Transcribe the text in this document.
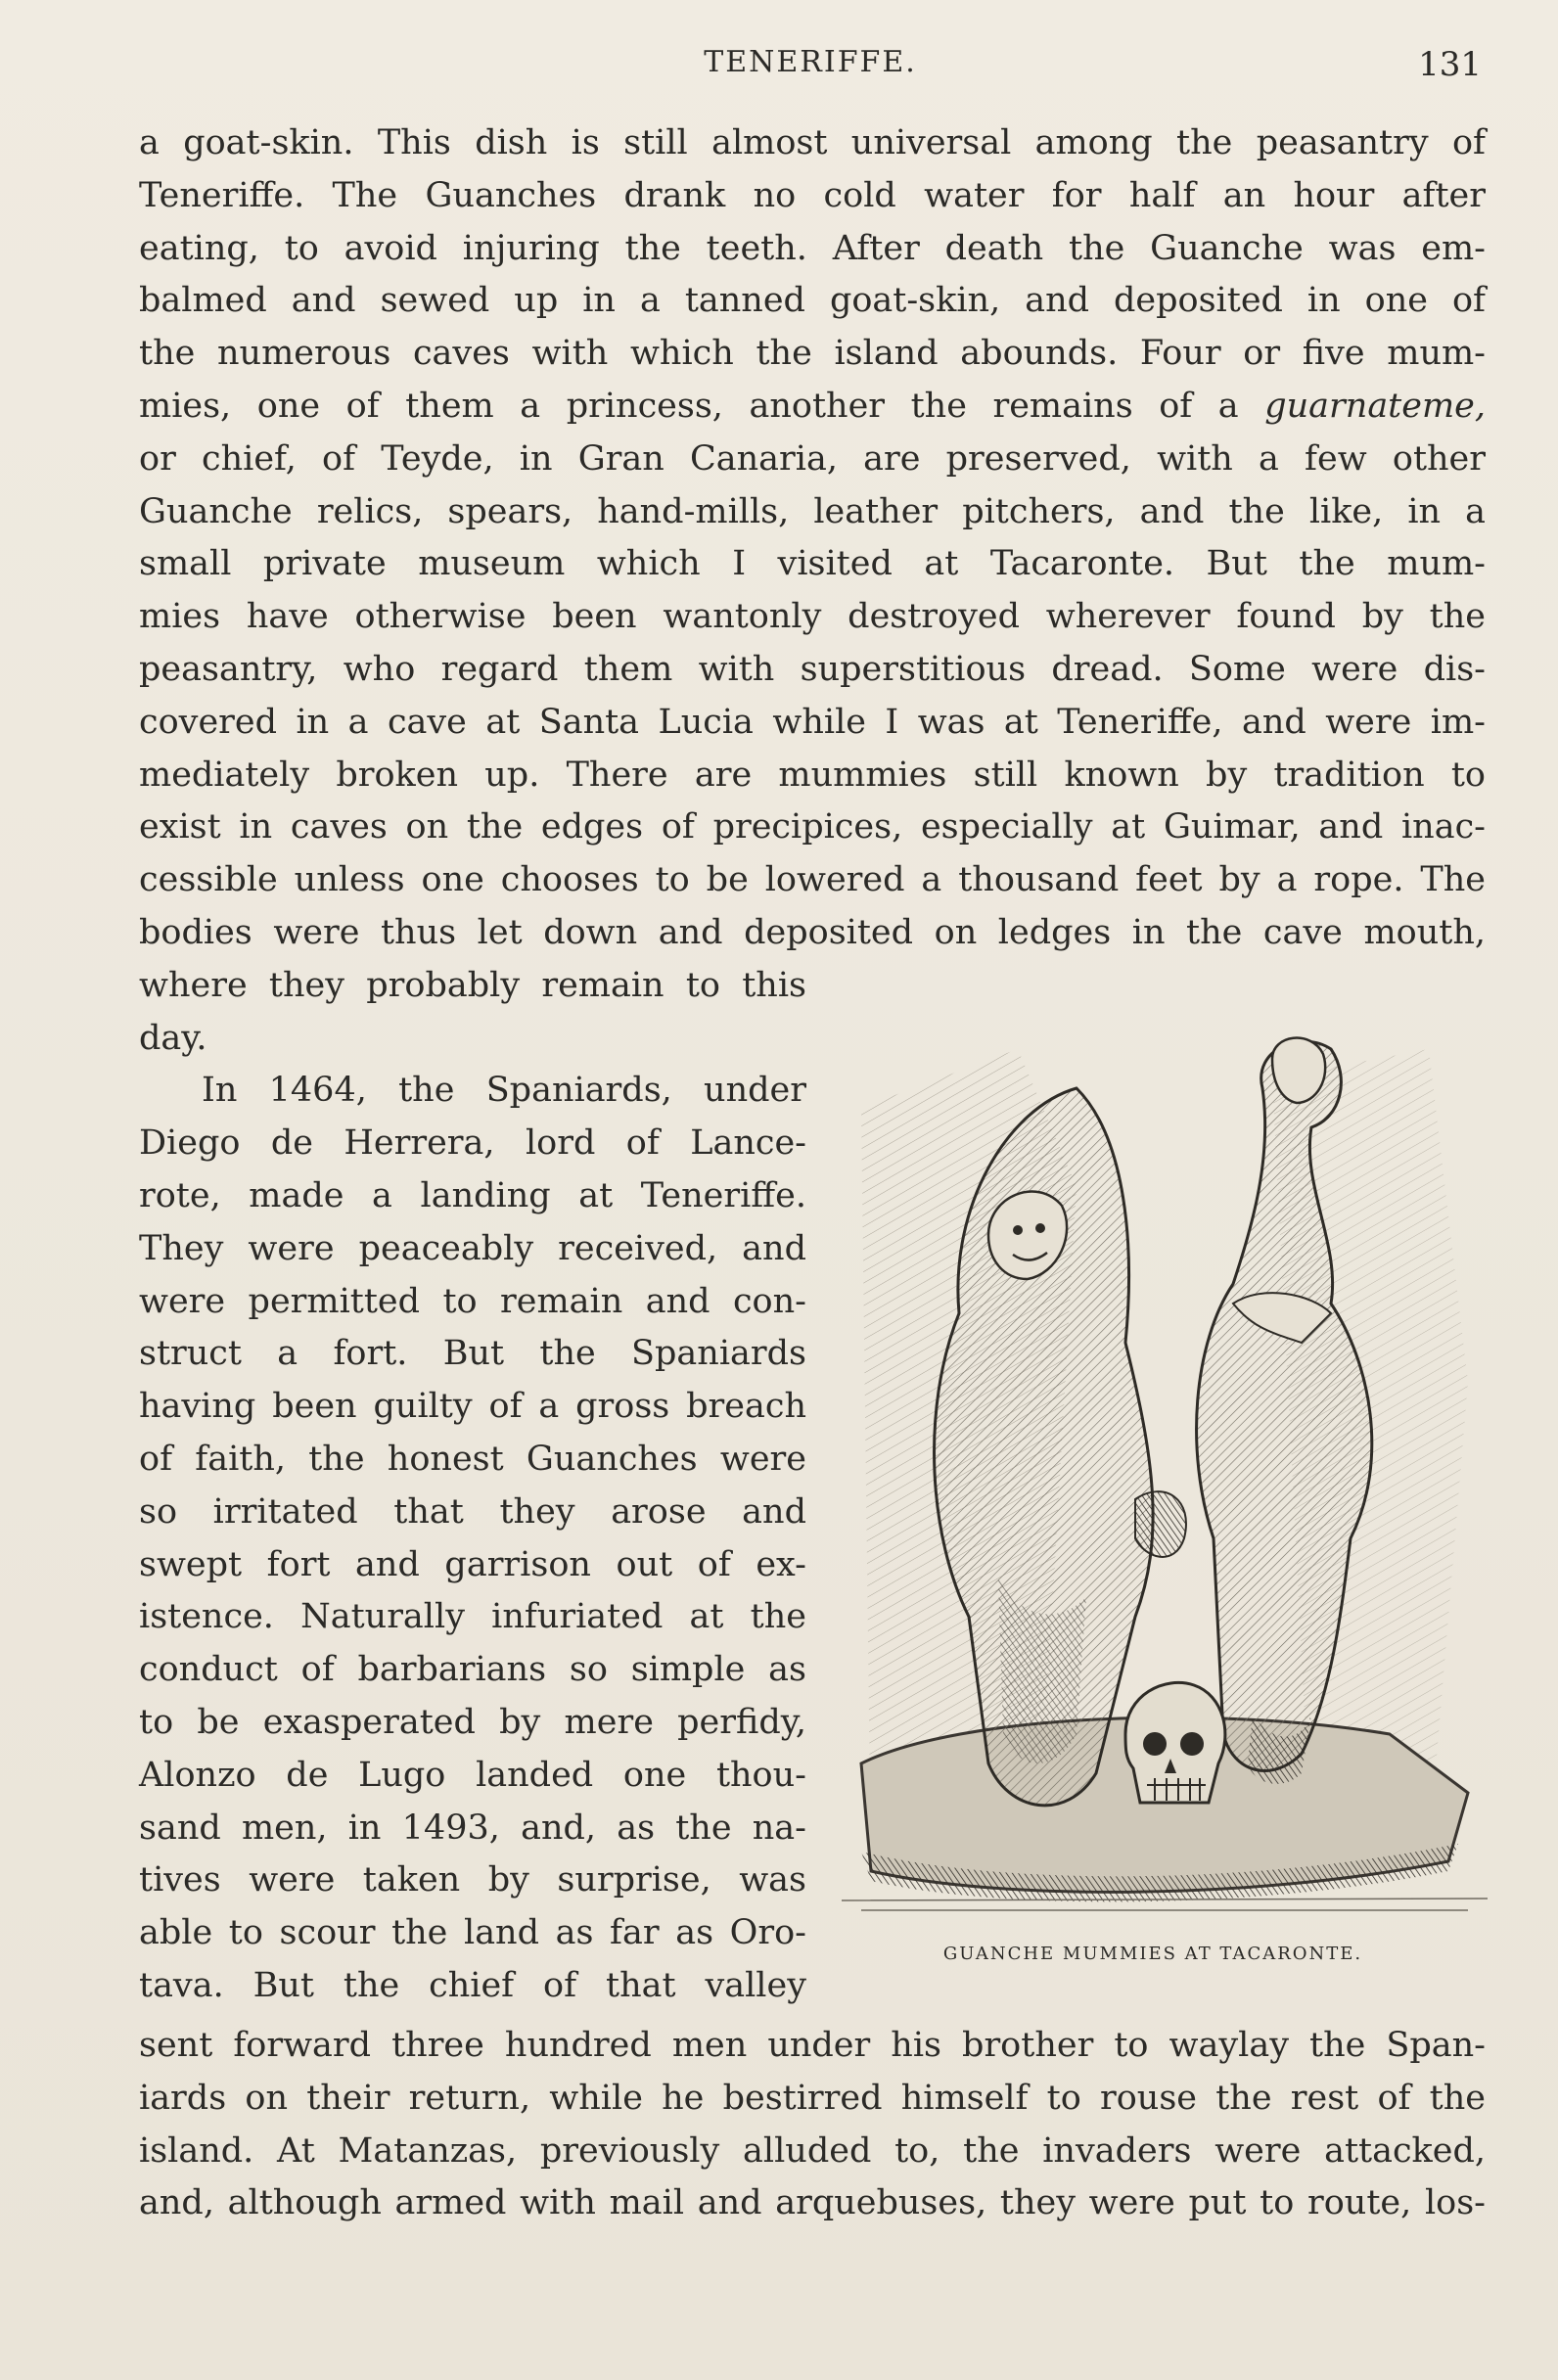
TENERIFFE.	131
a goat-skin. This dish is still almost universal among the peasantry of
Teneriffe. The Guanches drank no cold water for half an hour after
eating, to avoid injuring the teeth. After death the Guanche was em-
balmed and sewed up in a tanned goat-skin, and deposited in one of
the numerous caves with which the island abounds. Four or five mum-
mies, one of them a princess, another the remains of a guarnateme,
or chief, of Teyde, in Gran Canaria, are preserved, with a few other
Guanche relics, spears, hand-mills, leather pitchers, and the like, in a
small private museum which I visited at Tacaronte. But the mum-
mies have otherwise been wantonly destroyed wherever found by the
peasantry, who regard them with superstitious dread. Some were dis-
covered in a cave at Santa Lucia while I was at Teneriffe, and were im-
mediately broken up. There are mummies still known by tradition to
exist in caves on the edges of precipices, especially at Guimar, and inac-
cessible unless one chooses to be lowered a thousand feet by a rope. The
bodies were thus let down and deposited on ledges in the cave mouth,
where they probably remain to this
day.
In 1464, the Spaniards, under
Diego de Herrera, lord of Lance-
rote, made a landing at Teneriffe.
They were peaceably received, and
were permitted to remain and con-
struct a fort. But the Spaniards
having been guilty of a gross breach
of faith, the honest Guanches were
so irritated that they arose and
swept fort and garrison out of ex-
istence. Naturally infuriated at the
conduct of barbarians so simple as
to be exasperated by mere perfidy,
Alonzo de Lugo landed one thou-
sand men, in 1493, and, as the na-
tives were taken by surprise, was
able to scour the land as far as Oro-
tava. But the chief of that valley
GUANCHE MUMMIES AT TACARONTE.
sent forward three hundred men under his brother to waylay the Span-
iards on their return, while he bestirred himself to rouse the rest of the
island. At Matanzas, previously alluded to, the invaders were attacked,
and, although armed with mail and arquebuses, they were put to route, los-
